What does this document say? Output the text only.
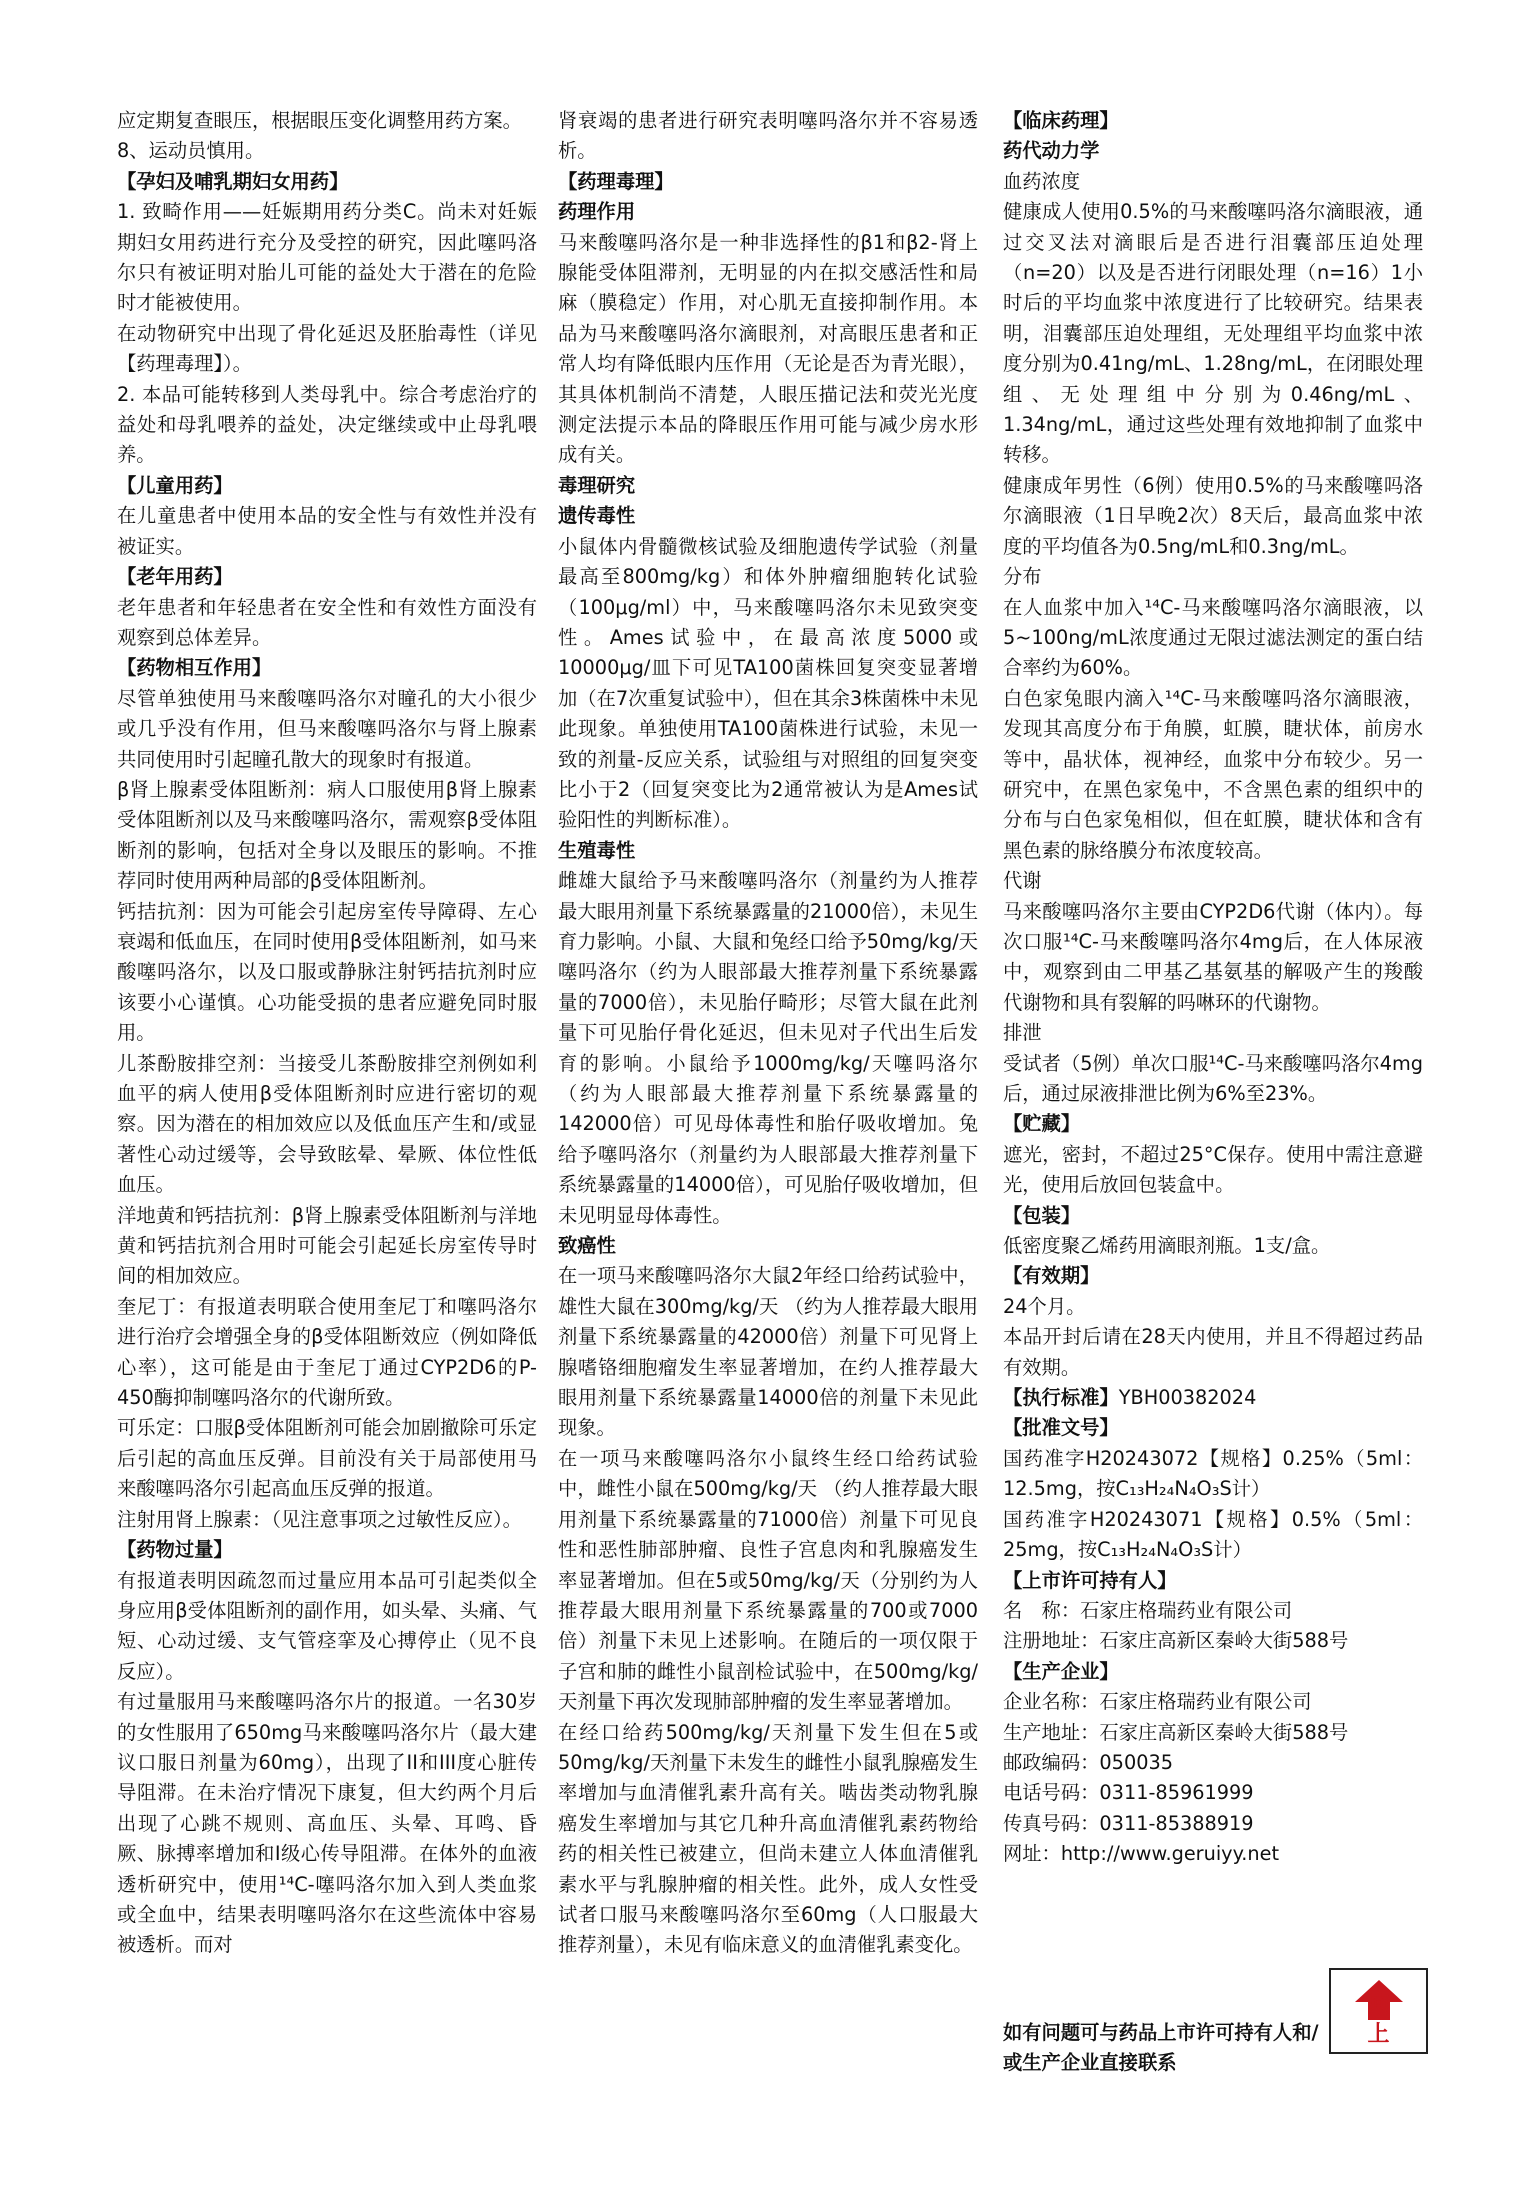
应定期复查眼压，根据眼压变化调整用药方案。
8、运动员慎用。
【孕妇及哺乳期妇女用药】
1. 致畸作用——妊娠期用药分类C。尚未对妊娠期妇女用药进行充分及受控的研究，因此噻吗洛尔只有被证明对胎儿可能的益处大于潜在的危险时才能被使用。
在动物研究中出现了骨化延迟及胚胎毒性（详见【药理毒理】）。
2. 本品可能转移到人类母乳中。综合考虑治疗的益处和母乳喂养的益处，决定继续或中止母乳喂养。
【儿童用药】
在儿童患者中使用本品的安全性与有效性并没有被证实。
【老年用药】
老年患者和年轻患者在安全性和有效性方面没有观察到总体差异。
【药物相互作用】
尽管单独使用马来酸噻吗洛尔对瞳孔的大小很少或几乎没有作用，但马来酸噻吗洛尔与肾上腺素共同使用时引起瞳孔散大的现象时有报道。
β肾上腺素受体阻断剂：病人口服使用β肾上腺素受体阻断剂以及马来酸噻吗洛尔，需观察β受体阻断剂的影响，包括对全身以及眼压的影响。不推荐同时使用两种局部的β受体阻断剂。
钙拮抗剂：因为可能会引起房室传导障碍、左心衰竭和低血压，在同时使用β受体阻断剂，如马来酸噻吗洛尔，以及口服或静脉注射钙拮抗剂时应该要小心谨慎。心功能受损的患者应避免同时服用。
儿茶酚胺排空剂：当接受儿茶酚胺排空剂例如利血平的病人使用β受体阻断剂时应进行密切的观察。因为潜在的相加效应以及低血压产生和/或显著性心动过缓等，会导致眩晕、晕厥、体位性低血压。
洋地黄和钙拮抗剂：β肾上腺素受体阻断剂与洋地黄和钙拮抗剂合用时可能会引起延长房室传导时间的相加效应。
奎尼丁：有报道表明联合使用奎尼丁和噻吗洛尔进行治疗会增强全身的β受体阻断效应（例如降低心率），这可能是由于奎尼丁通过CYP2D6的P-450酶抑制噻吗洛尔的代谢所致。
可乐定：口服β受体阻断剂可能会加剧撤除可乐定后引起的高血压反弹。目前没有关于局部使用马来酸噻吗洛尔引起高血压反弹的报道。
注射用肾上腺素：（见注意事项之过敏性反应）。
【药物过量】
有报道表明因疏忽而过量应用本品可引起类似全身应用β受体阻断剂的副作用，如头晕、头痛、气短、心动过缓、支气管痉挛及心搏停止（见不良反应）。
有过量服用马来酸噻吗洛尔片的报道。一名30岁的女性服用了650mg马来酸噻吗洛尔片（最大建议口服日剂量为60mg），出现了II和III度心脏传导阻滞。在未治疗情况下康复，但大约两个月后出现了心跳不规则、高血压、头晕、耳鸣、昏厥、脉搏率增加和I级心传导阻滞。在体外的血液透析研究中，使用¹⁴C-噻吗洛尔加入到人类血浆或全血中，结果表明噻吗洛尔在这些流体中容易被透析。而对
肾衰竭的患者进行研究表明噻吗洛尔并不容易透析。
【药理毒理】
药理作用
马来酸噻吗洛尔是一种非选择性的β1和β2-肾上腺能受体阻滞剂，无明显的内在拟交感活性和局麻（膜稳定）作用，对心肌无直接抑制作用。本品为马来酸噻吗洛尔滴眼剂，对高眼压患者和正常人均有降低眼内压作用（无论是否为青光眼），其具体机制尚不清楚，人眼压描记法和荧光光度测定法提示本品的降眼压作用可能与减少房水形成有关。
毒理研究
遗传毒性
小鼠体内骨髓微核试验及细胞遗传学试验（剂量最高至800mg/kg）和体外肿瘤细胞转化试验（100μg/ml）中，马来酸噻吗洛尔未见致突变性。Ames试验中，在最高浓度5000或10000μg/皿下可见TA100菌株回复突变显著增加（在7次重复试验中），但在其余3株菌株中未见此现象。单独使用TA100菌株进行试验，未见一致的剂量-反应关系，试验组与对照组的回复突变比小于2（回复突变比为2通常被认为是Ames试验阳性的判断标准）。
生殖毒性
雌雄大鼠给予马来酸噻吗洛尔（剂量约为人推荐最大眼用剂量下系统暴露量的21000倍），未见生育力影响。小鼠、大鼠和兔经口给予50mg/kg/天噻吗洛尔（约为人眼部最大推荐剂量下系统暴露量的7000倍），未见胎仔畸形；尽管大鼠在此剂量下可见胎仔骨化延迟，但未见对子代出生后发育的影响。小鼠给予1000mg/kg/天噻吗洛尔（约为人眼部最大推荐剂量下系统暴露量的142000倍）可见母体毒性和胎仔吸收增加。兔给予噻吗洛尔（剂量约为人眼部最大推荐剂量下系统暴露量的14000倍），可见胎仔吸收增加，但未见明显母体毒性。
致癌性
在一项马来酸噻吗洛尔大鼠2年经口给药试验中，雄性大鼠在300mg/kg/天 （约为人推荐最大眼用剂量下系统暴露量的42000倍）剂量下可见肾上腺嗜铬细胞瘤发生率显著增加，在约人推荐最大眼用剂量下系统暴露量14000倍的剂量下未见此现象。
在一项马来酸噻吗洛尔小鼠终生经口给药试验中，雌性小鼠在500mg/kg/天 （约人推荐最大眼用剂量下系统暴露量的71000倍）剂量下可见良性和恶性肺部肿瘤、良性子宫息肉和乳腺癌发生率显著增加。但在5或50mg/kg/天（分别约为人推荐最大眼用剂量下系统暴露量的700或7000倍）剂量下未见上述影响。在随后的一项仅限于子宫和肺的雌性小鼠剖检试验中，在500mg/kg/天剂量下再次发现肺部肿瘤的发生率显著增加。
在经口给药500mg/kg/天剂量下发生但在5或50mg/kg/天剂量下未发生的雌性小鼠乳腺癌发生率增加与血清催乳素升高有关。啮齿类动物乳腺癌发生率增加与其它几种升高血清催乳素药物给药的相关性已被建立，但尚未建立人体血清催乳素水平与乳腺肿瘤的相关性。此外，成人女性受试者口服马来酸噻吗洛尔至60mg（人口服最大推荐剂量），未见有临床意义的血清催乳素变化。
【临床药理】
药代动力学
血药浓度
健康成人使用0.5%的马来酸噻吗洛尔滴眼液，通过交叉法对滴眼后是否进行泪囊部压迫处理（n=20）以及是否进行闭眼处理（n=16）1小时后的平均血浆中浓度进行了比较研究。结果表明，泪囊部压迫处理组，无处理组平均血浆中浓度分别为0.41ng/mL、1.28ng/mL，在闭眼处理组、无处理组中分别为0.46ng/mL、1.34ng/mL，通过这些处理有效地抑制了血浆中转移。
健康成年男性（6例）使用0.5%的马来酸噻吗洛尔滴眼液（1日早晚2次）8天后，最高血浆中浓度的平均值各为0.5ng/mL和0.3ng/mL。
分布
在人血浆中加入¹⁴C-马来酸噻吗洛尔滴眼液，以5~100ng/mL浓度通过无限过滤法测定的蛋白结合率约为60%。
白色家兔眼内滴入¹⁴C-马来酸噻吗洛尔滴眼液，发现其高度分布于角膜，虹膜，睫状体，前房水等中，晶状体，视神经，血浆中分布较少。另一研究中，在黑色家兔中，不含黑色素的组织中的分布与白色家兔相似，但在虹膜，睫状体和含有黑色素的脉络膜分布浓度较高。
代谢
马来酸噻吗洛尔主要由CYP2D6代谢（体内）。每次口服¹⁴C-马来酸噻吗洛尔4mg后，在人体尿液中，观察到由二甲基乙基氨基的解吸产生的羧酸代谢物和具有裂解的吗啉环的代谢物。
排泄
受试者（5例）单次口服¹⁴C-马来酸噻吗洛尔4mg后，通过尿液排泄比例为6%至23%。
【贮藏】
遮光，密封，不超过25°C保存。使用中需注意避光，使用后放回包装盒中。
【包装】
低密度聚乙烯药用滴眼剂瓶。1支/盒。
【有效期】
24个月。
本品开封后请在28天内使用，并且不得超过药品有效期。
【执行标准】YBH00382024
【批准文号】
国药准字H20243072【规格】0.25%（5ml：12.5mg，按C₁₃H₂₄N₄O₃S计）
国药准字H20243071【规格】0.5%（5ml：25mg，按C₁₃H₂₄N₄O₃S计）
【上市许可持有人】
名　称：石家庄格瑞药业有限公司
注册地址：石家庄高新区秦岭大街588号
【生产企业】
企业名称：石家庄格瑞药业有限公司
生产地址：石家庄高新区秦岭大街588号
邮政编码：050035
电话号码：0311-85961999
传真号码：0311-85388919
网址：http://www.geruiyy.net
如有问题可与药品上市许可持有人和/或生产企业直接联系
向 上
